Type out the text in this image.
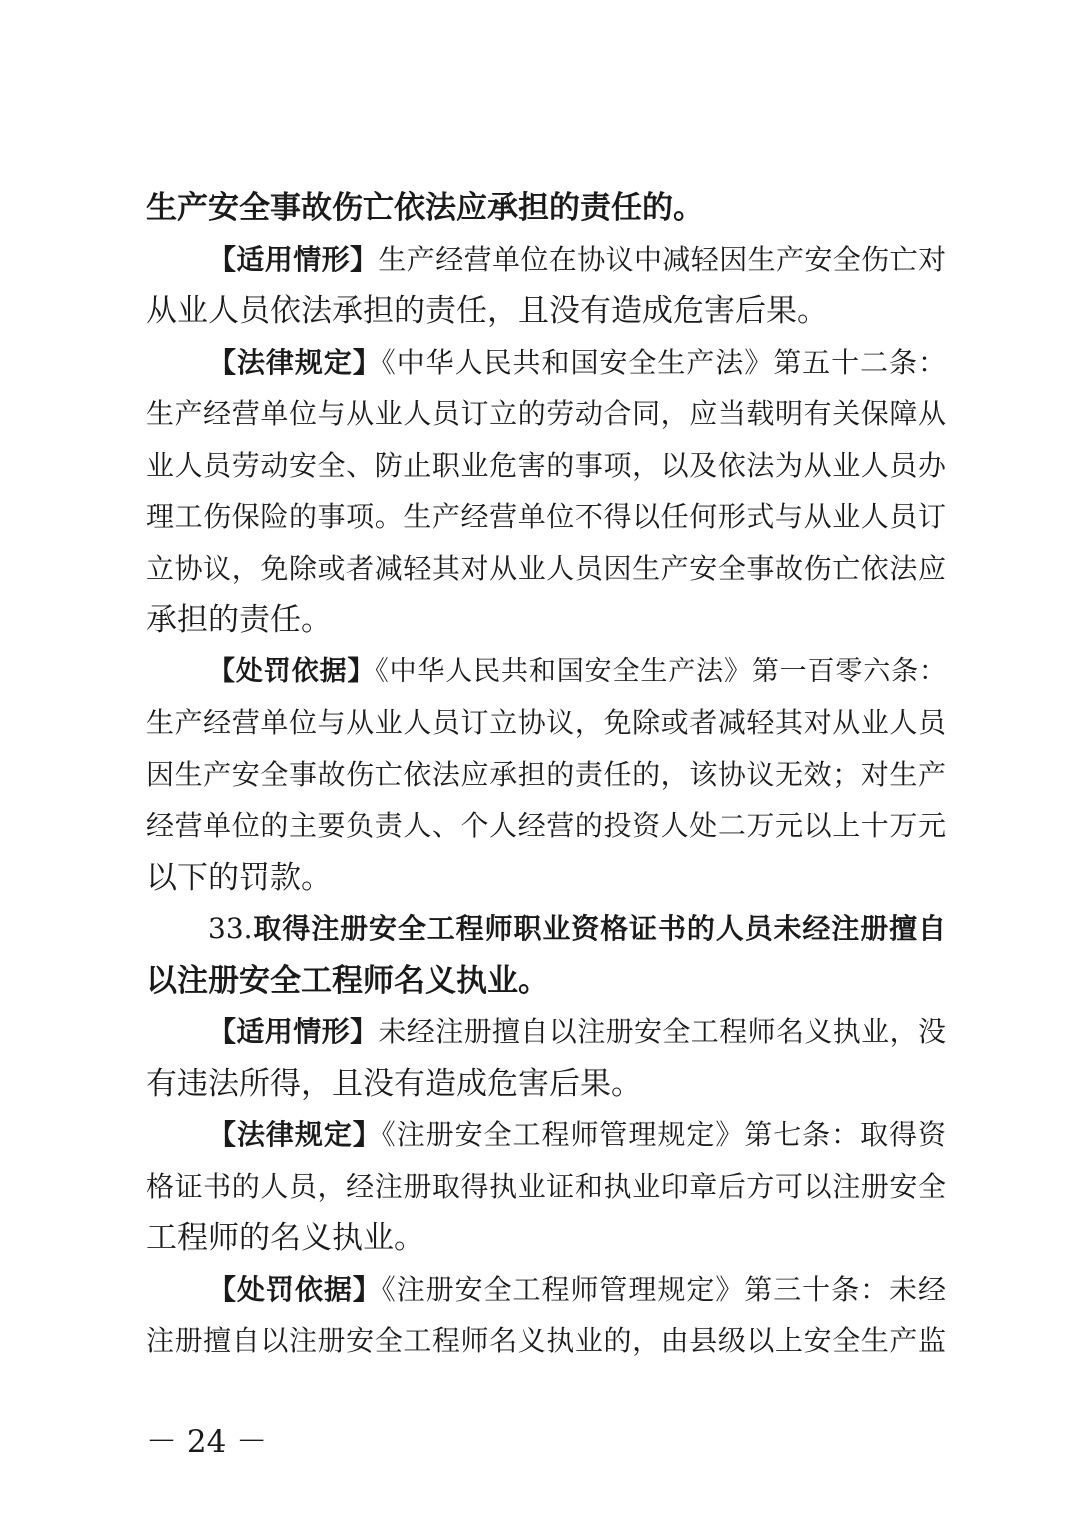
生产安全事故伤亡依法应承担的责任的。
【适用情形】生产经营单位在协议中减轻因生产安全伤亡对
从业人员依法承担的责任，且没有造成危害后果。
【法律规定】《中华人民共和国安全生产法》第五十二条：
生产经营单位与从业人员订立的劳动合同，应当载明有关保障从
业人员劳动安全、防止职业危害的事项，以及依法为从业人员办
理工伤保险的事项。生产经营单位不得以任何形式与从业人员订
立协议，免除或者减轻其对从业人员因生产安全事故伤亡依法应
承担的责任。
【处罚依据】《中华人民共和国安全生产法》第一百零六条：
生产经营单位与从业人员订立协议，免除或者减轻其对从业人员
因生产安全事故伤亡依法应承担的责任的，该协议无效；对生产
经营单位的主要负责人、个人经营的投资人处二万元以上十万元
以下的罚款。
33.取得注册安全工程师职业资格证书的人员未经注册擅自
以注册安全工程师名义执业。
【适用情形】未经注册擅自以注册安全工程师名义执业，没
有违法所得，且没有造成危害后果。
【法律规定】《注册安全工程师管理规定》第七条：取得资
格证书的人员，经注册取得执业证和执业印章后方可以注册安全
工程师的名义执业。
【处罚依据】《注册安全工程师管理规定》第三十条：未经
注册擅自以注册安全工程师名义执业的，由县级以上安全生产监
－ 24 －
